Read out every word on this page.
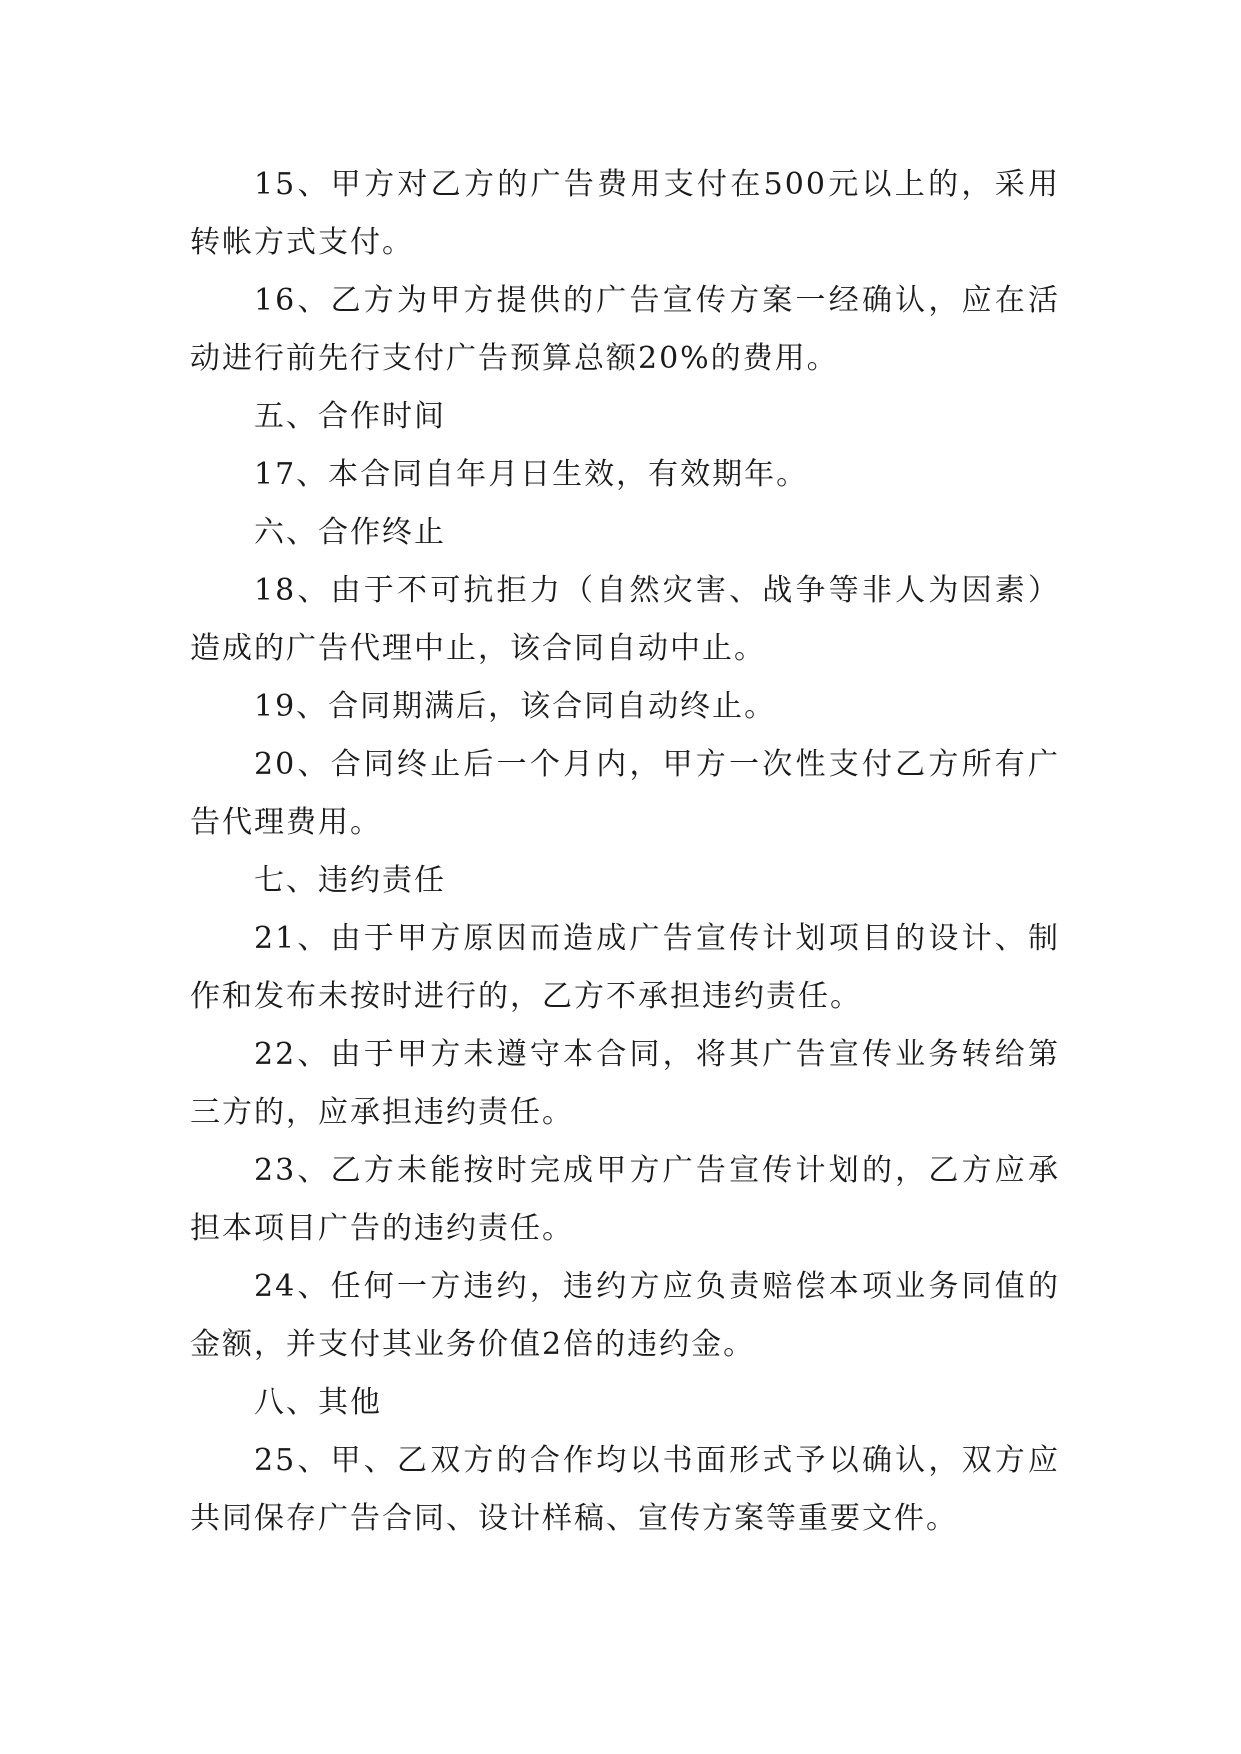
15、甲方对乙方的广告费用支付在500元以上的，采用转帐方式支付。

16、乙方为甲方提供的广告宣传方案一经确认，应在活动进行前先行支付广告预算总额20%的费用。

五、合作时间

17、本合同自年月日生效，有效期年。

六、合作终止

18、由于不可抗拒力（自然灾害、战争等非人为因素）造成的广告代理中止，该合同自动中止。

19、合同期满后，该合同自动终止。

20、合同终止后一个月内，甲方一次性支付乙方所有广告代理费用。

七、违约责任

21、由于甲方原因而造成广告宣传计划项目的设计、制作和发布未按时进行的，乙方不承担违约责任。

22、由于甲方未遵守本合同，将其广告宣传业务转给第三方的，应承担违约责任。

23、乙方未能按时完成甲方广告宣传计划的，乙方应承担本项目广告的违约责任。

24、任何一方违约，违约方应负责赔偿本项业务同值的金额，并支付其业务价值2倍的违约金。

八、其他

25、甲、乙双方的合作均以书面形式予以确认，双方应共同保存广告合同、设计样稿、宣传方案等重要文件。
